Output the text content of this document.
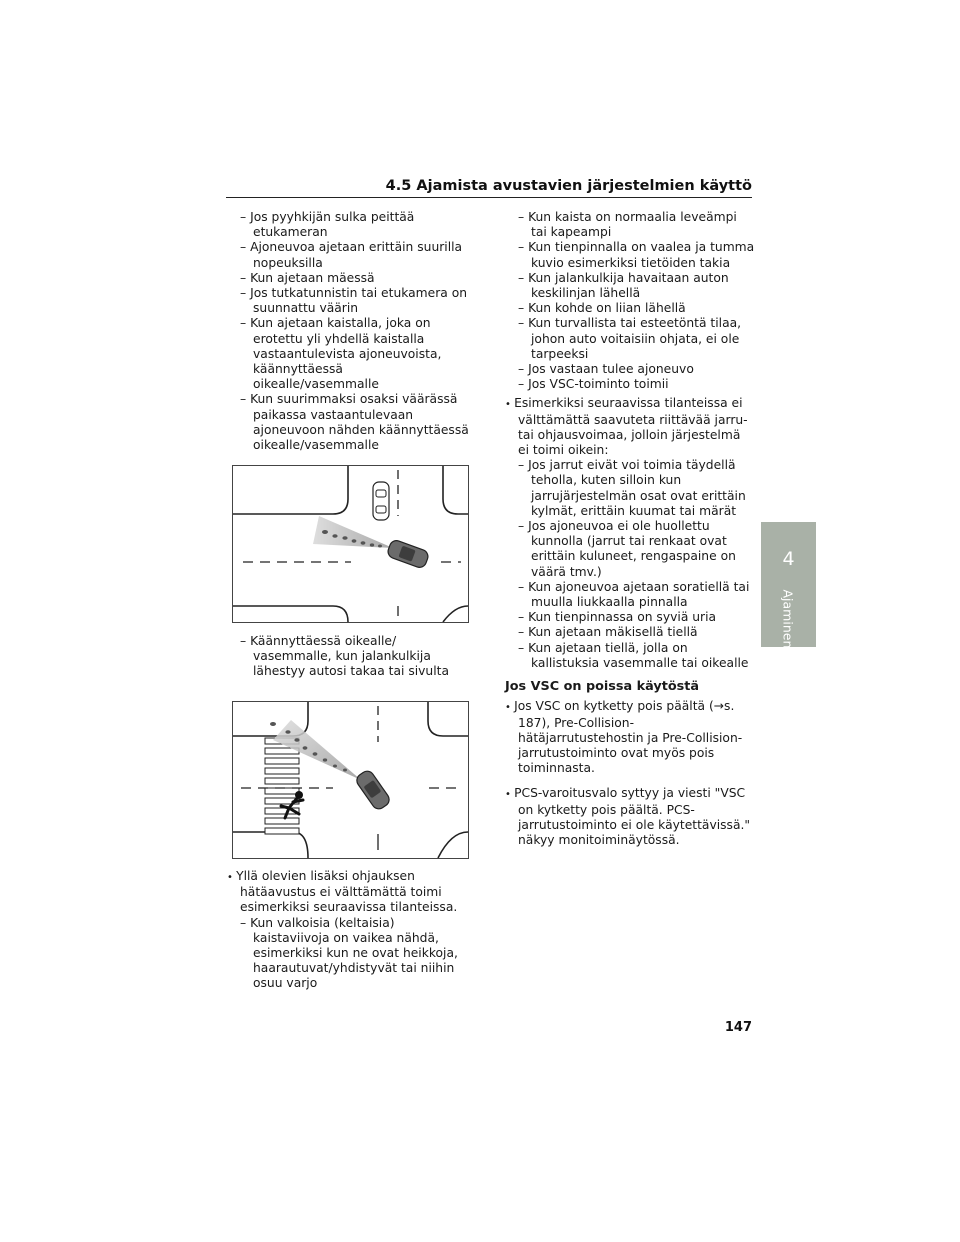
4.5 Ajamista avustavien järjestelmien käyttö

– Jos pyyhkijän sulka peittää etukameran

– Ajoneuvoa ajetaan erittäin suurilla nopeuksilla

– Kun ajetaan mäessä

– Jos tutkatunnistin tai etukamera on suunnattu väärin

– Kun ajetaan kaistalla, joka on erotettu yli yhdellä kaistalla vastaantulevista ajoneuvoista, käännyttäessä oikealle/vasemmalle

– Kun suurimmaksi osaksi väärässä paikassa vastaantulevaan ajoneuvoon nähden käännyttäessä oikealle/vasemmalle

– Käännyttäessä oikealle/ vasemmalle, kun jalankulkija lähestyy autosi takaa tai sivulta

• Yllä olevien lisäksi ohjauksen hätäavustus ei välttämättä toimi esimerkiksi seuraavissa tilanteissa.

– Kun valkoisia (keltaisia) kaistaviivoja on vaikea nähdä, esimerkiksi kun ne ovat heikkoja, haarautuvat/yhdistyvät tai niihin osuu varjo

– Kun kaista on normaalia leveämpi tai kapeampi

– Kun tienpinnalla on vaalea ja tumma kuvio esimerkiksi tietöiden takia

– Kun jalankulkija havaitaan auton keskilinjan lähellä

– Kun kohde on liian lähellä

– Kun turvallista tai esteetöntä tilaa, johon auto voitaisiin ohjata, ei ole tarpeeksi

– Jos vastaan tulee ajoneuvo

– Jos VSC-toiminto toimii

• Esimerkiksi seuraavissa tilanteissa ei välttämättä saavuteta riittävää jarru- tai ohjausvoimaa, jolloin järjestelmä ei toimi oikein:

– Jos jarrut eivät voi toimia täydellä teholla, kuten silloin kun jarrujärjestelmän osat ovat erittäin kylmät, erittäin kuumat tai märät

– Jos ajoneuvoa ei ole huollettu kunnolla (jarrut tai renkaat ovat erittäin kuluneet, rengaspaine on väärä tmv.)

– Kun ajoneuvoa ajetaan soratiellä tai muulla liukkaalla pinnalla

– Kun tienpinnassa on syviä uria

– Kun ajetaan mäkisellä tiellä

– Kun ajetaan tiellä, jolla on kallistuksia vasemmalle tai oikealle

Jos VSC on poissa käytöstä

• Jos VSC on kytketty pois päältä (→s. 187), Pre-Collision-hätäjarrutustehostin ja Pre-Collision-jarrutustoiminto ovat myös pois toiminnasta.

• PCS-varoitusvalo syttyy ja viesti "VSC on kytketty pois päältä. PCS-jarrutustoiminto ei ole käytettävissä." näkyy monitoiminäytössä.

4
Ajaminen
147
